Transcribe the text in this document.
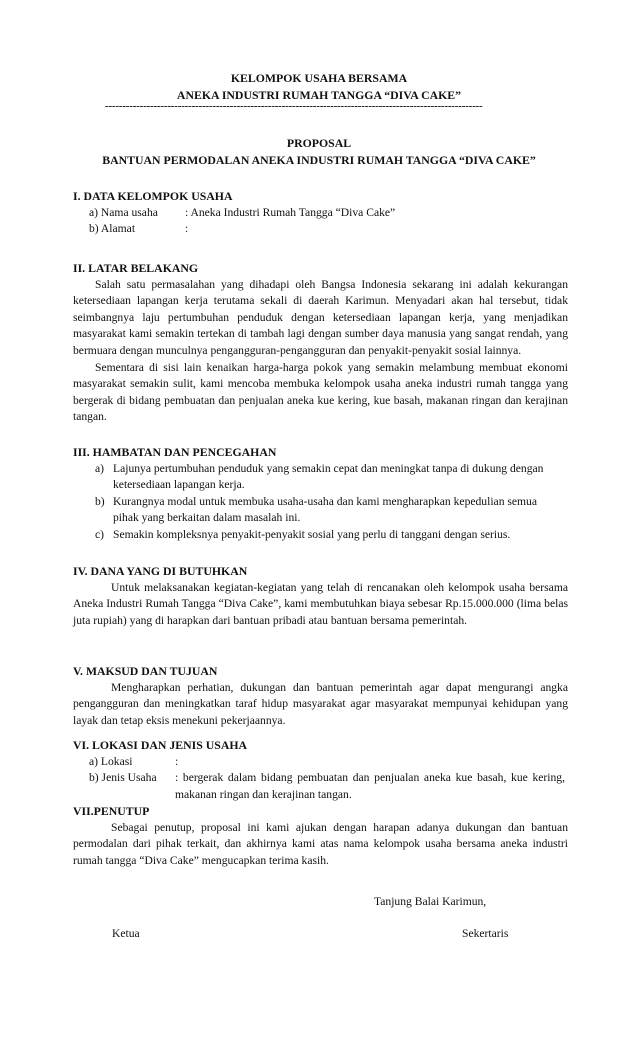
KELOMPOK USAHA BERSAMA
ANEKA INDUSTRI RUMAH TANGGA “DIVA CAKE”
-------------------------------------------------------------------------------------------------------------
PROPOSAL
BANTUAN PERMODALAN ANEKA INDUSTRI RUMAH TANGGA “DIVA CAKE”
I. DATA KELOMPOK USAHA
a) Nama usaha	: Aneka Industri Rumah Tangga “Diva Cake”
b) Alamat	:
II. LATAR BELAKANG
Salah satu permasalahan yang dihadapi oleh Bangsa Indonesia sekarang ini adalah kekurangan ketersediaan lapangan kerja terutama sekali di daerah Karimun. Menyadari akan hal tersebut, tidak seimbangnya laju pertumbuhan penduduk dengan ketersediaan lapangan kerja, yang menjadikan masyarakat kami semakin tertekan di tambah lagi dengan sumber daya manusia yang sangat rendah, yang bermuara dengan munculnya pengangguran-pengangguran dan penyakit-penyakit sosial lainnya.
Sementara di sisi lain kenaikan harga-harga pokok yang semakin melambung membuat ekonomi masyarakat semakin sulit, kami mencoba membuka kelompok usaha aneka industri rumah tangga yang bergerak di bidang pembuatan dan penjualan aneka kue kering, kue basah, makanan ringan dan kerajinan tangan.
III. HAMBATAN DAN PENCEGAHAN
a) Lajunya pertumbuhan penduduk yang semakin cepat dan meningkat tanpa di dukung dengan ketersediaan lapangan kerja.
b) Kurangnya modal untuk membuka usaha-usaha dan kami mengharapkan kepedulian semua pihak yang berkaitan dalam masalah ini.
c) Semakin kompleksnya penyakit-penyakit sosial yang perlu di tanggani dengan serius.
IV. DANA YANG DI BUTUHKAN
Untuk melaksanakan kegiatan-kegiatan yang telah di rencanakan oleh kelompok usaha bersama Aneka Industri Rumah Tangga “Diva Cake”, kami membutuhkan biaya sebesar Rp.15.000.000 (lima belas juta rupiah) yang di harapkan dari bantuan pribadi atau bantuan bersama pemerintah.
V. MAKSUD DAN TUJUAN
Mengharapkan perhatian, dukungan dan bantuan pemerintah agar dapat mengurangi angka pengangguran dan meningkatkan taraf hidup masyarakat agar masyarakat mempunyai kehidupan yang layak dan tetap eksis menekuni pekerjaannya.
VI. LOKASI DAN JENIS USAHA
a) Lokasi	:
b) Jenis Usaha	: bergerak dalam bidang pembuatan dan penjualan aneka kue basah, kue kering, makanan ringan dan kerajinan tangan.
VII.PENUTUP
Sebagai penutup, proposal ini kami ajukan dengan harapan adanya dukungan dan bantuan permodalan dari pihak terkait, dan akhirnya kami atas nama kelompok usaha bersama aneka industri rumah tangga “Diva Cake” mengucapkan terima kasih.
Tanjung Balai Karimun,
Ketua	Sekertaris
